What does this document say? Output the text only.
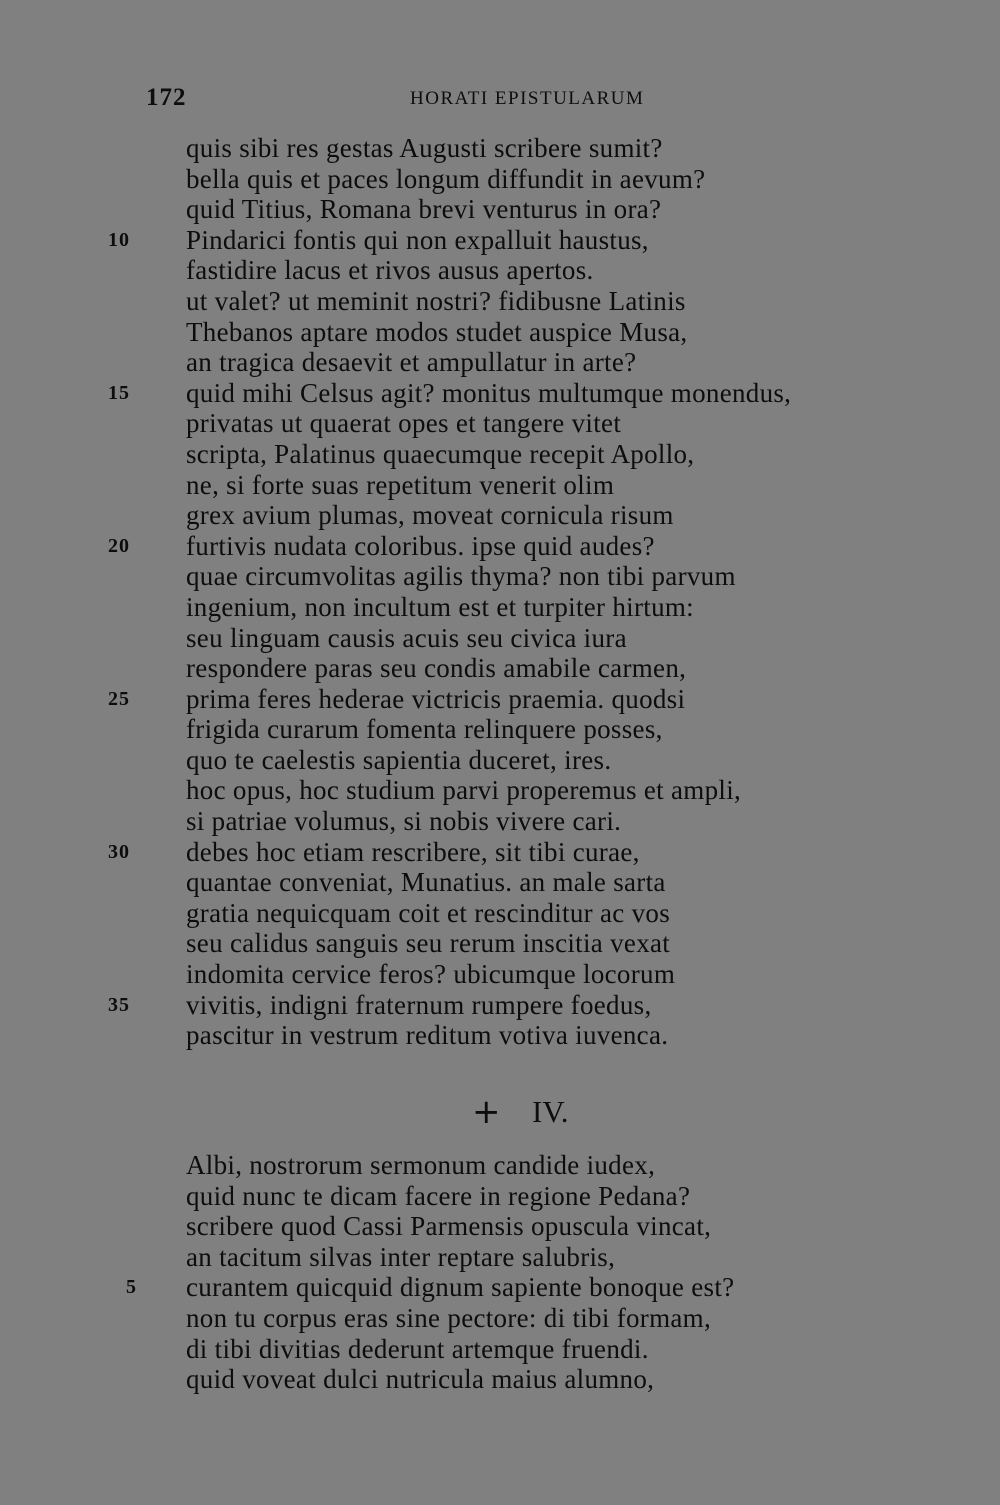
172	HORATI EPISTULARUM
quis sibi res gestas Augusti scribere sumit?
bella quis et paces longum diffundit in aevum?
quid Titius, Romana brevi venturus in ora?
10 Pindarici fontis qui non expalluit haustus,
fastidire lacus et rivos ausus apertos.
ut valet? ut meminit nostri? fidibusne Latinis
Thebanos aptare modos studet auspice Musa,
an tragica desaevit et ampullatur in arte?
15 quid mihi Celsus agit? monitus multumque monendus,
privatas ut quaerat opes et tangere vitet
scripta, Palatinus quaecumque recepit Apollo,
ne, si forte suas repetitum venerit olim
grex avium plumas, moveat cornicula risum
20 furtivis nudata coloribus. ipse quid audes?
quae circumvolitas agilis thyma? non tibi parvum
ingenium, non incultum est et turpiter hirtum:
seu linguam causis acuis seu civica iura
respondere paras seu condis amabile carmen,
25 prima feres hederae victricis praemia. quodsi
frigida curarum fomenta relinquere posses,
quo te caelestis sapientia duceret, ires.
hoc opus, hoc studium parvi properemus et ampli,
si patriae volumus, si nobis vivere cari.
30 debes hoc etiam rescribere, sit tibi curae,
quantae conveniat, Munatius. an male sarta
gratia nequicquam coit et rescinditur ac vos
seu calidus sanguis seu rerum inscitia vexat
indomita cervice feros? ubicumque locorum
35 vivitis, indigni fraternum rumpere foedus,
pascitur in vestrum reditum votiva iuvenca.
+ IV.
Albi, nostrorum sermonum candide iudex,
quid nunc te dicam facere in regione Pedana?
scribere quod Cassi Parmensis opuscula vincat,
an tacitum silvas inter reptare salubris,
5 curantem quicquid dignum sapiente bonoque est?
non tu corpus eras sine pectore: di tibi formam,
di tibi divitias dederunt artemque fruendi.
quid voveat dulci nutricula maius alumno,
